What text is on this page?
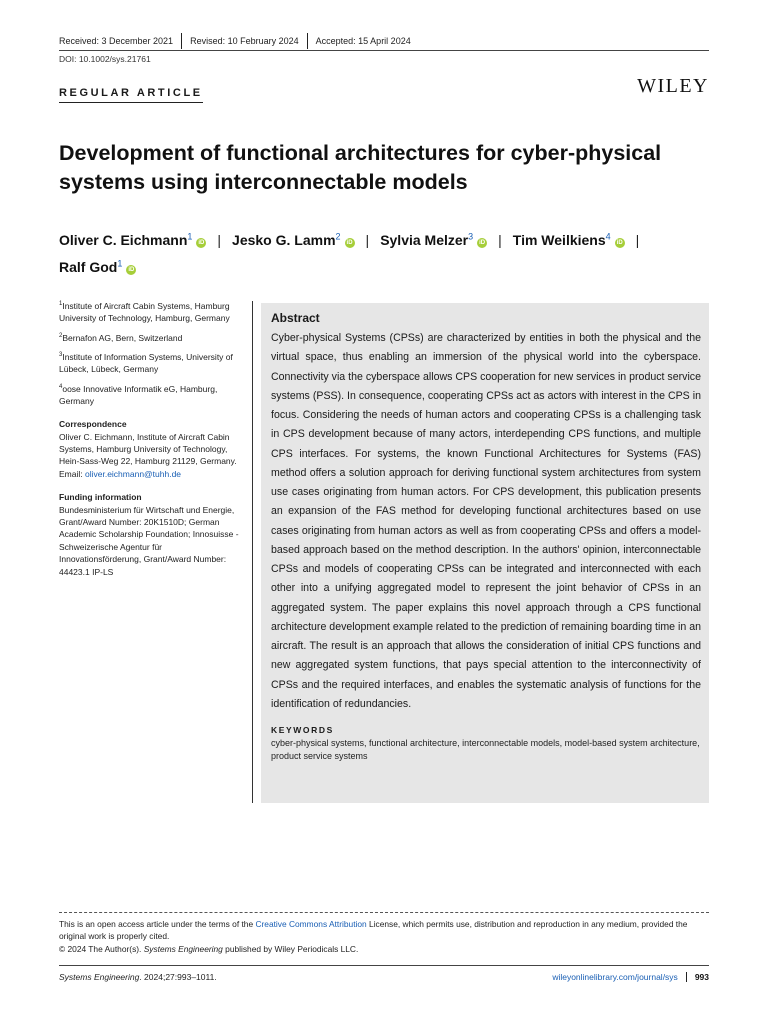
Received: 3 December 2021	Revised: 10 February 2024	Accepted: 15 April 2024
DOI: 10.1002/sys.21761
REGULAR ARTICLE	WILEY
Development of functional architectures for cyber-physical systems using interconnectable models
Oliver C. Eichmann$^1$iD | Jesko G. Lamm$^2$iD | Sylvia Melzer$^3$iD | Tim Weilkiens$^4$iD |
Ralf God$^1$iD
$^1$Institute of Aircraft Cabin Systems, Hamburg University of Technology, Hamburg, Germany
$^2$Bernafon AG, Bern, Switzerland
$^3$Institute of Information Systems, University of Lübeck, Lübeck, Germany
$^4$oose Innovative Informatik eG, Hamburg, Germany
Correspondence
Oliver C. Eichmann, Institute of Aircraft Cabin Systems, Hamburg University of Technology, Hein-Sass-Weg 22, Hamburg 21129, Germany.
Email: oliver.eichmann@tuhh.de
Funding information
Bundesministerium für Wirtschaft und Energie, Grant/Award Number: 20K1510D; German Academic Scholarship Foundation; Innosuisse - Schweizerische Agentur für Innovationsförderung, Grant/Award Number: 44423.1 IP-LS
Abstract

Cyber-physical Systems (CPSs) are characterized by entities in both the physical and the virtual space, thus enabling an immersion of the physical world into the cyberspace. Connectivity via the cyberspace allows CPS cooperation for new services in product service systems (PSS). In consequence, cooperating CPSs act as actors with interest in the CPS in focus. Considering the needs of human actors and cooperating CPSs is a challenging task in CPS development because of many actors, interdepending CPS functions, and multiple CPS interfaces. For systems, the known Functional Architectures for Systems (FAS) method offers a solution approach for deriving functional system architectures from system use cases originating from human actors. For CPS development, this publication presents an expansion of the FAS method for developing functional architectures based on use cases originating from human actors as well as from cooperating CPSs and offers a model-based approach based on the method description. In the authors' opinion, interconnectable CPSs and models of cooperating CPSs can be integrated and interconnected with each other into a unifying aggregated model to represent the joint behavior of CPSs in an aggregated system. The paper explains this novel approach through a CPS functional architecture development example related to the prediction of remaining boarding time in an aircraft. The result is an approach that allows the consideration of initial CPS functions and new aggregated system functions, that pays special attention to the interconnectivity of CPSs and the required interfaces, and enables the systematic analysis of functions for the identification of redundancies.

KEYWORDS
cyber-physical systems, functional architecture, interconnectable models, model-based system architecture, product service systems
This is an open access article under the terms of the Creative Commons Attribution License, which permits use, distribution and reproduction in any medium, provided the original work is properly cited.
© 2024 The Author(s). Systems Engineering published by Wiley Periodicals LLC.
Systems Engineering. 2024;27:993–1011.	wileyonlinelibrary.com/journal/sys	993
